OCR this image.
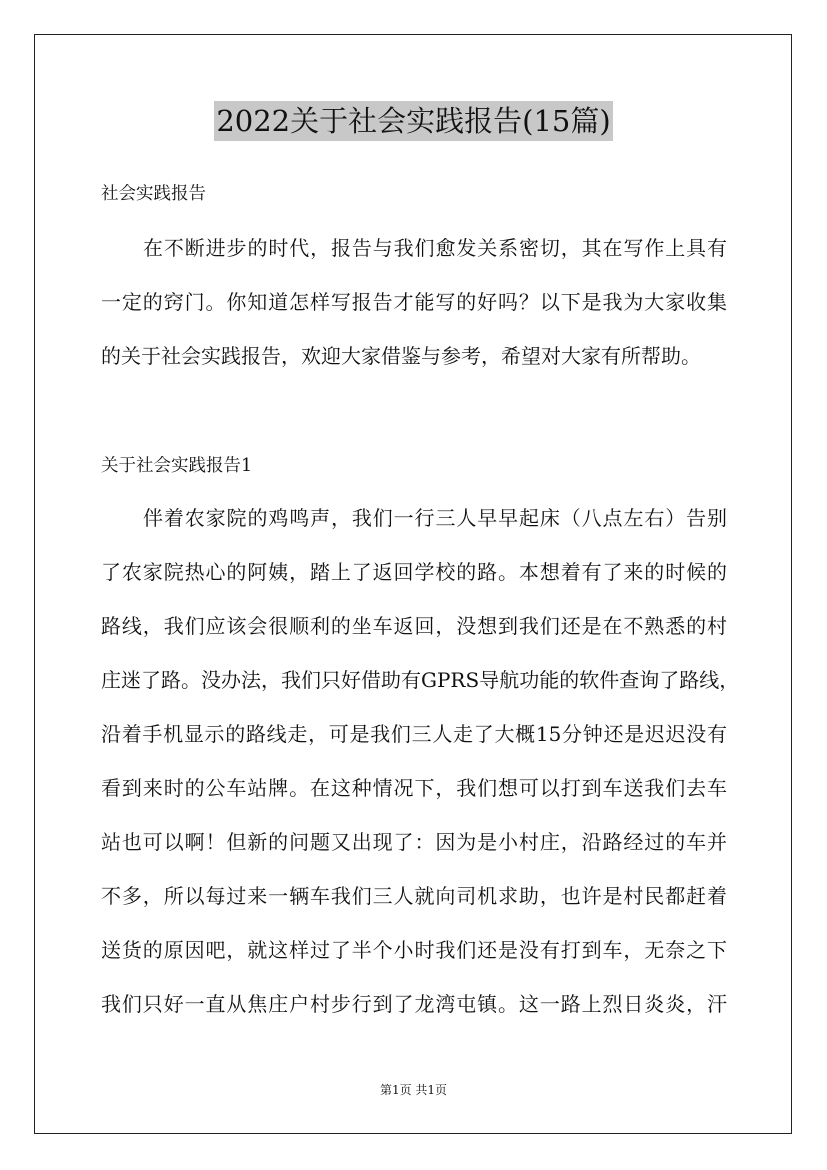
2022关于社会实践报告(15篇)
社会实践报告
在不断进步的时代，报告与我们愈发关系密切，其在写作上具有
一定的窍门。你知道怎样写报告才能写的好吗？以下是我为大家收集
的关于社会实践报告，欢迎大家借鉴与参考，希望对大家有所帮助。
关于社会实践报告1
伴着农家院的鸡鸣声，我们一行三人早早起床（八点左右）告别
了农家院热心的阿姨，踏上了返回学校的路。本想着有了来的时候的
路线，我们应该会很顺利的坐车返回，没想到我们还是在不熟悉的村
庄迷了路。没办法，我们只好借助有GPRS导航功能的软件查询了路线，
沿着手机显示的路线走，可是我们三人走了大概15分钟还是迟迟没有
看到来时的公车站牌。在这种情况下，我们想可以打到车送我们去车
站也可以啊！但新的问题又出现了：因为是小村庄，沿路经过的车并
不多，所以每过来一辆车我们三人就向司机求助，也许是村民都赶着
送货的原因吧，就这样过了半个小时我们还是没有打到车，无奈之下
我们只好一直从焦庄户村步行到了龙湾屯镇。这一路上烈日炎炎，汗
第1页 共1页
